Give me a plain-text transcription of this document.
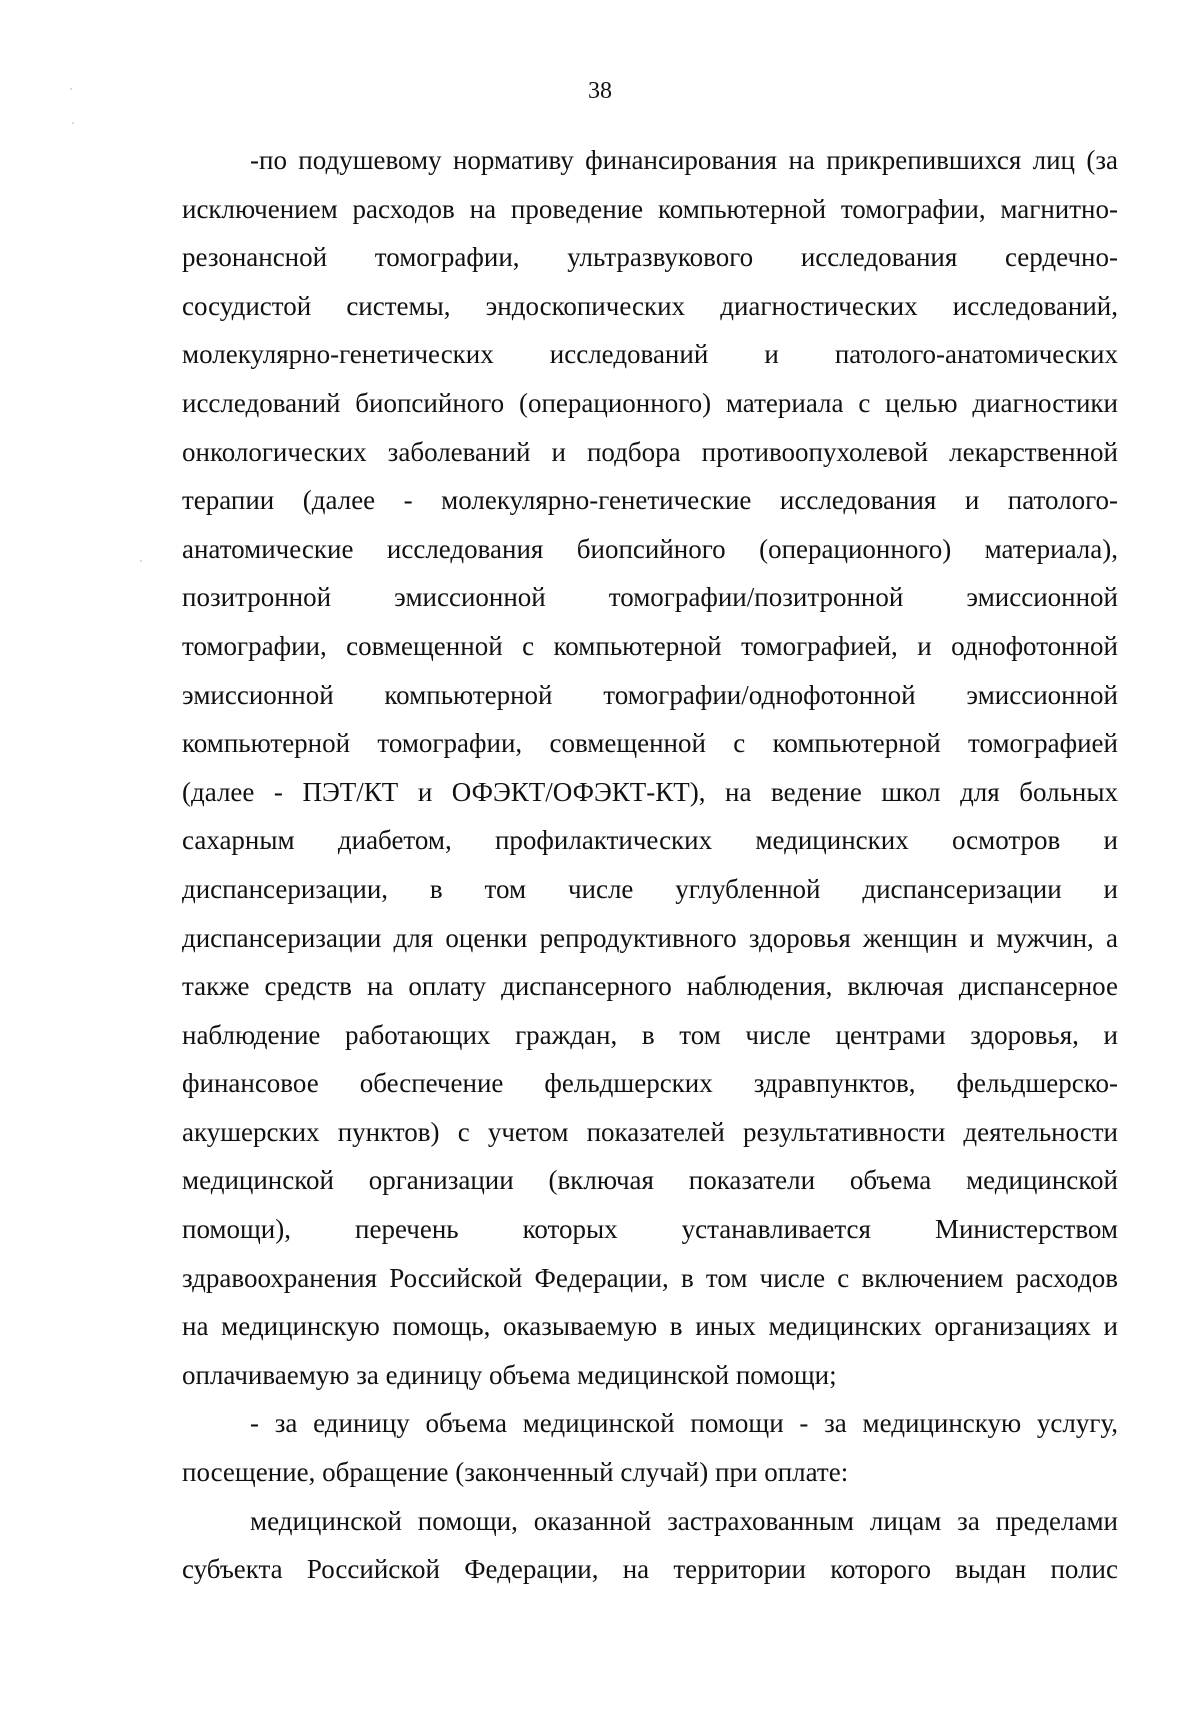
38

-по подушевому нормативу финансирования на прикрепившихся лиц (за
исключением расходов на проведение компьютерной томографии, магнитно-
резонансной томографии, ультразвукового исследования сердечно-
сосудистой системы, эндоскопических диагностических исследований,
молекулярно-генетических исследований и патолого-анатомических
исследований биопсийного (операционного) материала с целью диагностики
онкологических заболеваний и подбора противоопухолевой лекарственной
терапии (далее - молекулярно-генетические исследования и патолого-
анатомические исследования биопсийного (операционного) материала),
позитронной эмиссионной томографии/позитронной эмиссионной
томографии, совмещенной с компьютерной томографией, и однофотонной
эмиссионной компьютерной томографии/однофотонной эмиссионной
компьютерной томографии, совмещенной с компьютерной томографией
(далее - ПЭТ/КТ и ОФЭКТ/ОФЭКТ-КТ), на ведение школ для больных
сахарным диабетом, профилактических медицинских осмотров и
диспансеризации, в том числе углубленной диспансеризации и
диспансеризации для оценки репродуктивного здоровья женщин и мужчин, а
также средств на оплату диспансерного наблюдения, включая диспансерное
наблюдение работающих граждан, в том числе центрами здоровья, и
финансовое обеспечение фельдшерских здравпунктов, фельдшерско-
акушерских пунктов) с учетом показателей результативности деятельности
медицинской организации (включая показатели объема медицинской
помощи), перечень которых устанавливается Министерством
здравоохранения Российской Федерации, в том числе с включением расходов
на медицинскую помощь, оказываемую в иных медицинских организациях и
оплачиваемую за единицу объема медицинской помощи;

- за единицу объема медицинской помощи - за медицинскую услугу,
посещение, обращение (законченный случай) при оплате:

медицинской помощи, оказанной застрахованным лицам за пределами
субъекта Российской Федерации, на территории которого выдан полис
